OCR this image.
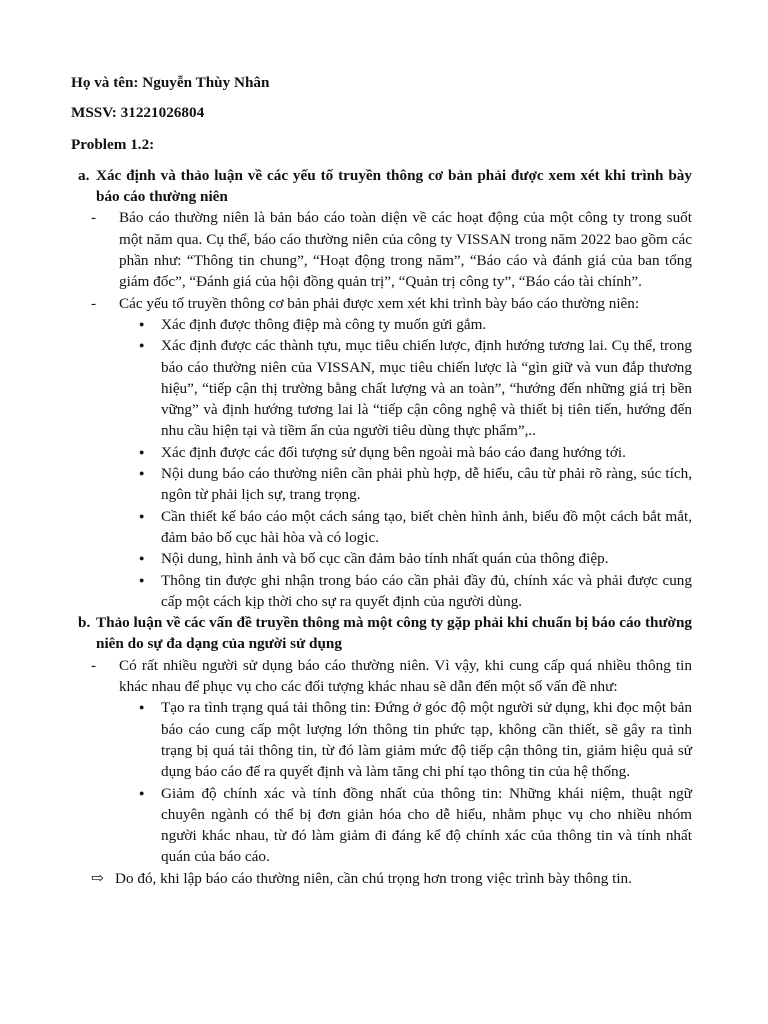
Họ và tên: Nguyễn Thùy Nhân
MSSV: 31221026804
Problem 1.2:
a. Xác định và thảo luận về các yếu tố truyền thông cơ bản phải được xem xét khi trình bày báo cáo thường niên
-	Báo cáo thường niên là bản báo cáo toàn diện về các hoạt động của một công ty trong suốt một năm qua. Cụ thể, báo cáo thường niên của công ty VISSAN trong năm 2022 bao gồm các phần như: “Thông tin chung”, “Hoạt động trong năm”, “Báo cáo và đánh giá của ban tổng giám đốc”, “Đánh giá của hội đồng quản trị”, “Quản trị công ty”, “Báo cáo tài chính”.
-	Các yếu tố truyền thông cơ bản phải được xem xét khi trình bày báo cáo thường niên:
●	Xác định được thông điệp mà công ty muốn gửi gắm.
●	Xác định được các thành tựu, mục tiêu chiến lược, định hướng tương lai. Cụ thể, trong báo cáo thường niên của VISSAN, mục tiêu chiến lược là “gìn giữ và vun đắp thương hiệu”, “tiếp cận thị trường bằng chất lượng và an toàn”, “hướng đến những giá trị bền vững” và định hướng tương lai là “tiếp cận công nghệ và thiết bị tiên tiến, hướng đến nhu cầu hiện tại và tiềm ẩn của người tiêu dùng thực phẩm”,..
●	Xác định được các đối tượng sử dụng bên ngoài mà báo cáo đang hướng tới.
●	Nội dung báo cáo thường niên cần phải phù hợp, dễ hiểu, câu từ phải rõ ràng, súc tích, ngôn từ phải lịch sự, trang trọng.
●	Cần thiết kế báo cáo một cách sáng tạo, biết chèn hình ảnh, biểu đồ một cách bắt mắt, đảm bảo bố cục hài hòa và có logic.
●	Nội dung, hình ảnh và bố cục cần đảm bảo tính nhất quán của thông điệp.
●	Thông tin được ghi nhận trong báo cáo cần phải đầy đủ, chính xác và phải được cung cấp một cách kịp thời cho sự ra quyết định của người dùng.
b. Thảo luận về các vấn đề truyền thông mà một công ty gặp phải khi chuẩn bị báo cáo thường niên do sự đa dạng của người sử dụng
-	Có rất nhiều người sử dụng báo cáo thường niên. Vì vậy, khi cung cấp quá nhiều thông tin khác nhau để phục vụ cho các đối tượng khác nhau sẽ dẫn đến một số vấn đề như:
●	Tạo ra tình trạng quá tải thông tin: Đứng ở góc độ một người sử dụng, khi đọc một bản báo cáo cung cấp một lượng lớn thông tin phức tạp, không cần thiết, sẽ gây ra tình trạng bị quá tải thông tin, từ đó làm giảm mức độ tiếp cận thông tin, giảm hiệu quả sử dụng báo cáo để ra quyết định và làm tăng chi phí tạo thông tin của hệ thống.
●	Giảm độ chính xác và tính đồng nhất của thông tin: Những khái niệm, thuật ngữ chuyên ngành có thể bị đơn giản hóa cho dễ hiểu, nhằm phục vụ cho nhiều nhóm người khác nhau, từ đó làm giảm đi đáng kể độ chính xác của thông tin và tính nhất quán của báo cáo.
⇨ Do đó, khi lập báo cáo thường niên, cần chú trọng hơn trong việc trình bày thông tin.
